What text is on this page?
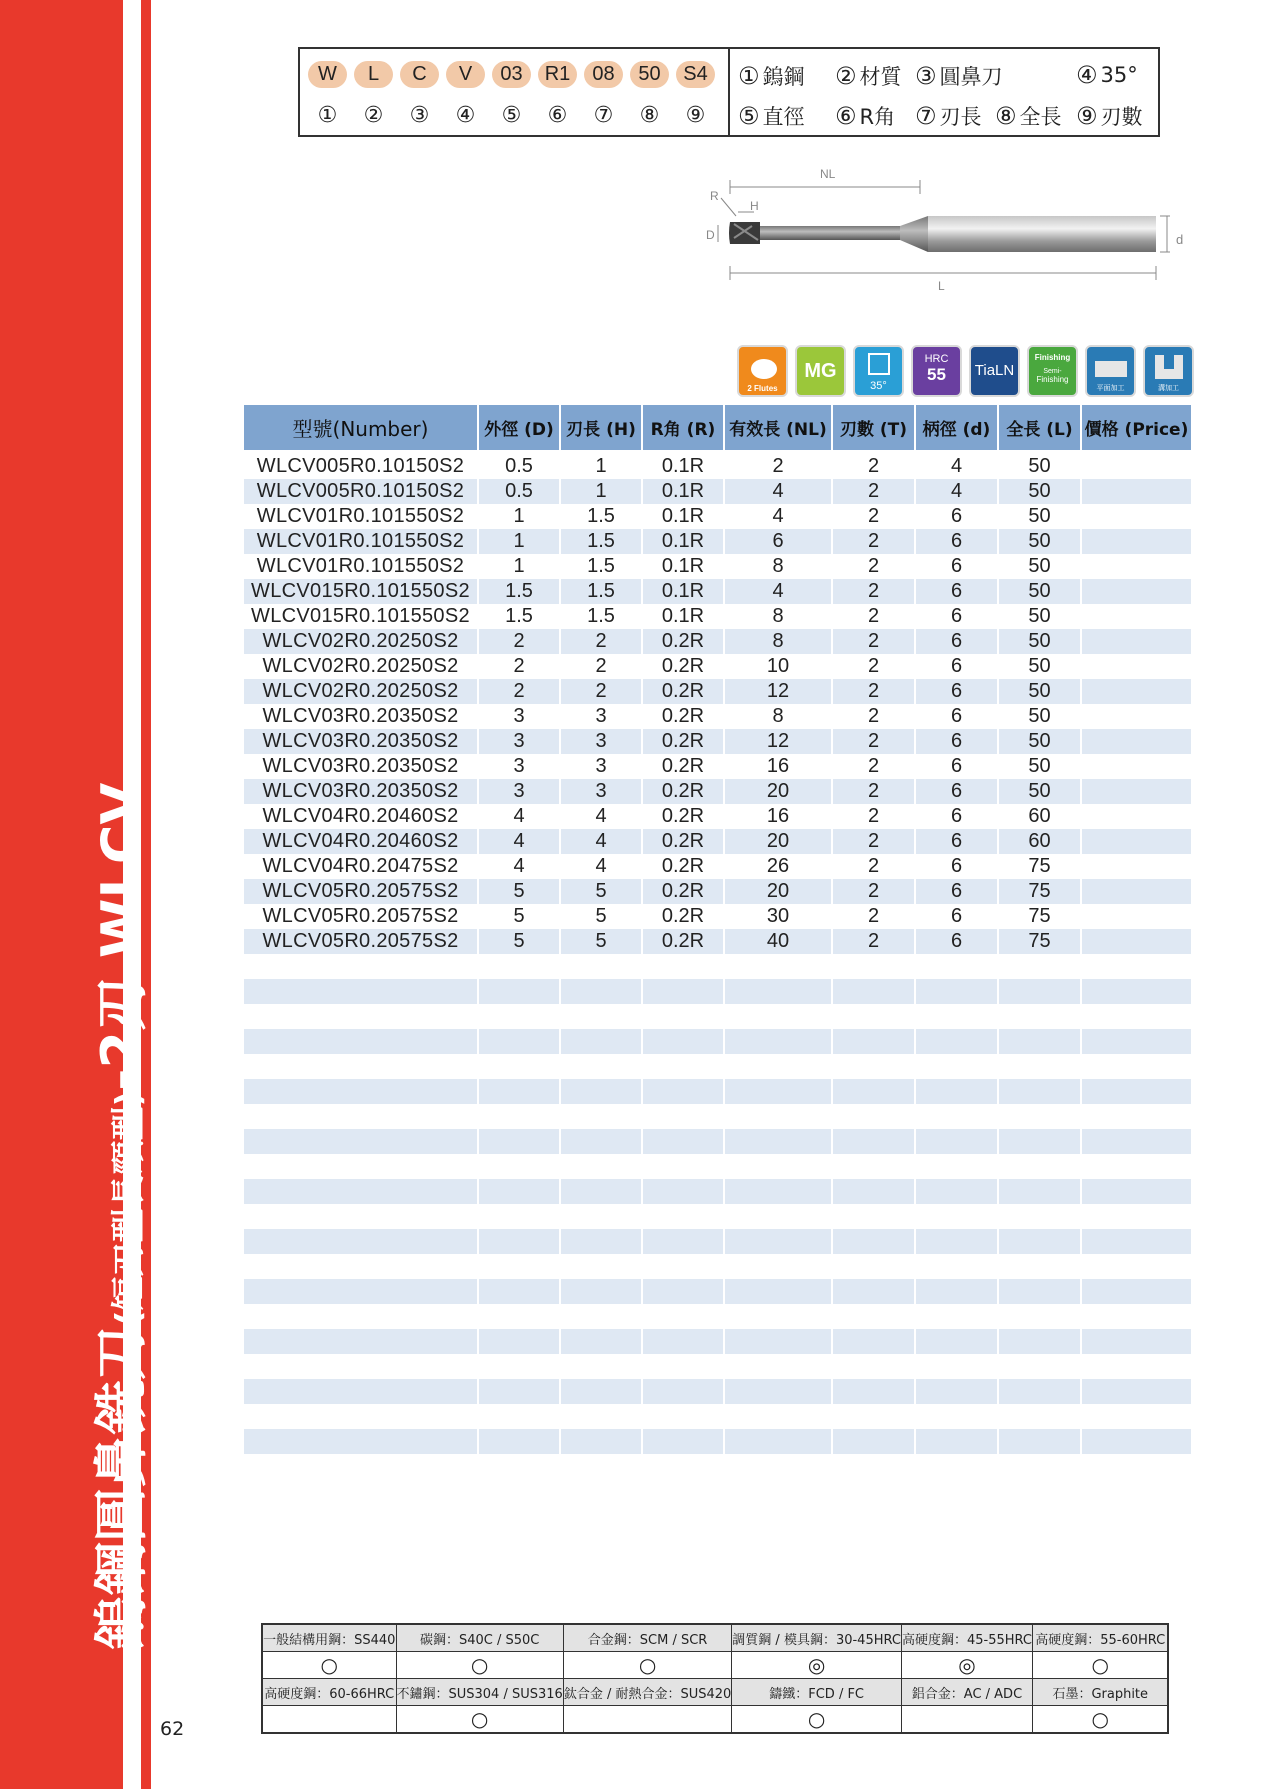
鎢鋼圓鼻銑刀(短刃型長頸型)-2刃 WLCV
62
W	L	C	V	03	R1	08	50	S4
①	②	③	④	⑤	⑥	⑦	⑧	⑨
① 鎢鋼 ② 材質 ③ 圓鼻刀	④ 35°
⑤ 直徑 ⑥ R角 ⑦ 刃長 ⑧ 全長 ⑨ 刃數
NL
R
H
D
L
d
2 Flutes
MG
35°
HRC
55	TiaLN
Finishing
Semi-
Finishing
平面加工	溝加工
型號(Number)	外徑 (D)	刃長 (H)	R角 (R)	有效長 (NL)	刃數 (T)	柄徑 (d)	全長 (L)	價格 (Price)
WLCV005R0.10150S2	0.5	1	0.1R	2	2	4	50	
WLCV005R0.10150S2	0.5	1	0.1R	4	2	4	50	
WLCV01R0.101550S2	1	1.5	0.1R	4	2	6	50	
WLCV01R0.101550S2	1	1.5	0.1R	6	2	6	50	
WLCV01R0.101550S2	1	1.5	0.1R	8	2	6	50	
WLCV015R0.101550S2	1.5	1.5	0.1R	4	2	6	50	
WLCV015R0.101550S2	1.5	1.5	0.1R	8	2	6	50	
WLCV02R0.20250S2	2	2	0.2R	8	2	6	50	
WLCV02R0.20250S2	2	2	0.2R	10	2	6	50	
WLCV02R0.20250S2	2	2	0.2R	12	2	6	50	
WLCV03R0.20350S2	3	3	0.2R	8	2	6	50	
WLCV03R0.20350S2	3	3	0.2R	12	2	6	50	
WLCV03R0.20350S2	3	3	0.2R	16	2	6	50	
WLCV03R0.20350S2	3	3	0.2R	20	2	6	50	
WLCV04R0.20460S2	4	4	0.2R	16	2	6	60	
WLCV04R0.20460S2	4	4	0.2R	20	2	6	60	
WLCV04R0.20475S2	4	4	0.2R	26	2	6	75	
WLCV05R0.20575S2	5	5	0.2R	20	2	6	75	
WLCV05R0.20575S2	5	5	0.2R	30	2	6	75	
WLCV05R0.20575S2	5	5	0.2R	40	2	6	75	

一般結構用鋼：SS440	碳鋼：S40C / S50C	合金鋼：SCM / SCR	調質鋼 / 模具鋼：30-45HRC	高硬度鋼：45-55HRC	高硬度鋼：55-60HRC
○	○	○	◎	◎	○
高硬度鋼：60-66HRC	不鏽鋼：SUS304 / SUS316	鈦合金 / 耐熱合金：SUS420	鑄鐵：FCD / FC	鋁合金：AC / ADC	石墨：Graphite
	○		○		○
